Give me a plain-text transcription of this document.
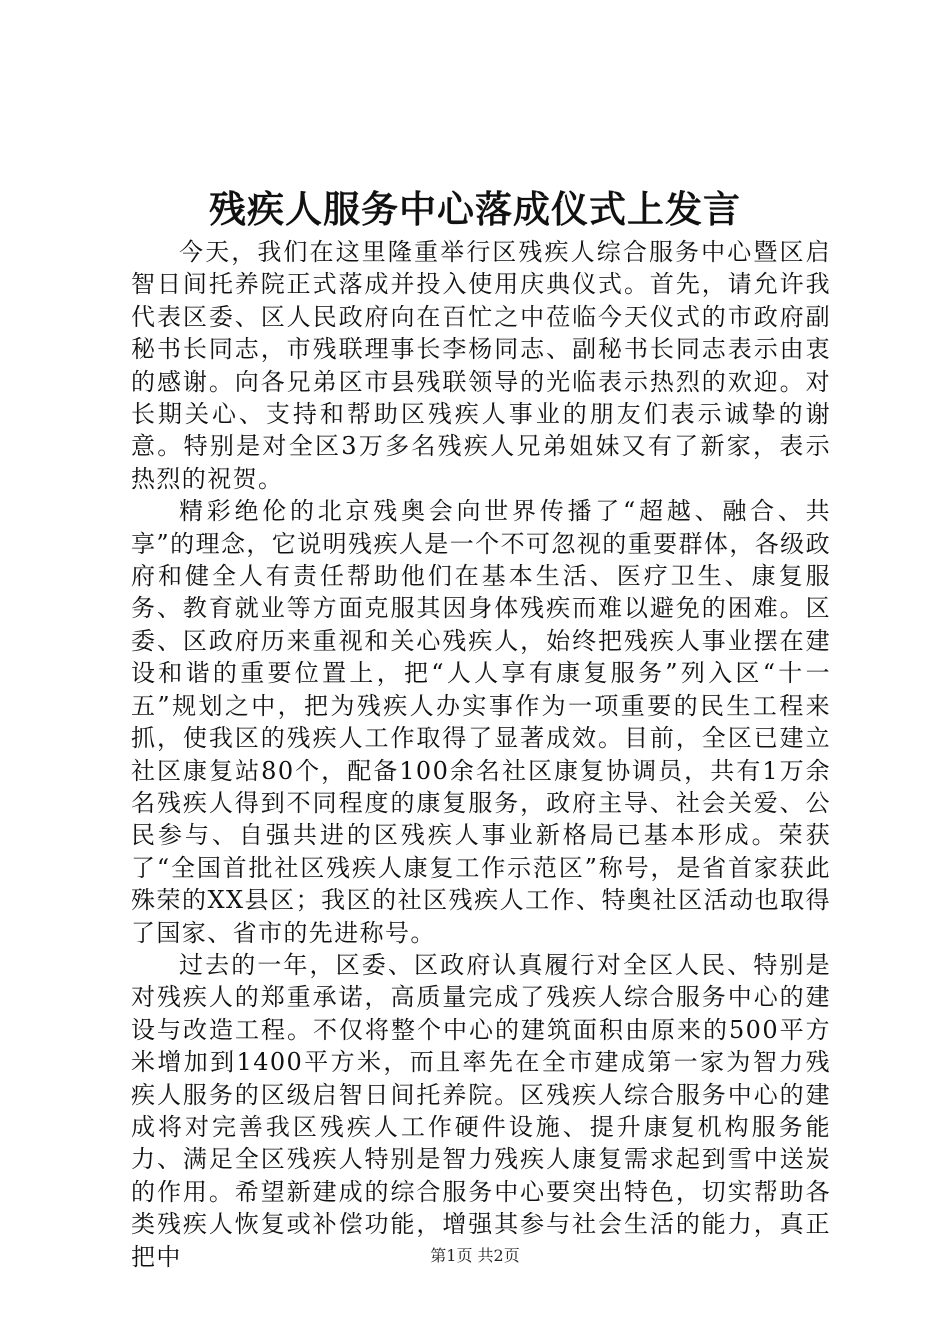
残疾人服务中心落成仪式上发言

今天，我们在这里隆重举行区残疾人综合服务中心暨区启智日间托养院正式落成并投入使用庆典仪式。首先，请允许我代表区委、区人民政府向在百忙之中莅临今天仪式的市政府副秘书长同志，市残联理事长李杨同志、副秘书长同志表示由衷的感谢。向各兄弟区市县残联领导的光临表示热烈的欢迎。对长期关心、支持和帮助区残疾人事业的朋友们表示诚挚的谢意。特别是对全区3万多名残疾人兄弟姐妹又有了新家，表示热烈的祝贺。

精彩绝伦的北京残奥会向世界传播了“超越、融合、共享”的理念，它说明残疾人是一个不可忽视的重要群体，各级政府和健全人有责任帮助他们在基本生活、医疗卫生、康复服务、教育就业等方面克服其因身体残疾而难以避免的困难。区委、区政府历来重视和关心残疾人，始终把残疾人事业摆在建设和谐的重要位置上，把“人人享有康复服务”列入区“十一五”规划之中，把为残疾人办实事作为一项重要的民生工程来抓，使我区的残疾人工作取得了显著成效。目前，全区已建立社区康复站80个，配备100余名社区康复协调员，共有1万余名残疾人得到不同程度的康复服务，政府主导、社会关爱、公民参与、自强共进的区残疾人事业新格局已基本形成。荣获了“全国首批社区残疾人康复工作示范区”称号，是省首家获此殊荣的XX县区；我区的社区残疾人工作、特奥社区活动也取得了国家、省市的先进称号。

过去的一年，区委、区政府认真履行对全区人民、特别是对残疾人的郑重承诺，高质量完成了残疾人综合服务中心的建设与改造工程。不仅将整个中心的建筑面积由原来的500平方米增加到1400平方米，而且率先在全市建成第一家为智力残疾人服务的区级启智日间托养院。区残疾人综合服务中心的建成将对完善我区残疾人工作硬件设施、提升康复机构服务能力、满足全区残疾人特别是智力残疾人康复需求起到雪中送炭的作用。希望新建成的综合服务中心要突出特色，切实帮助各类残疾人恢复或补偿功能，增强其参与社会生活的能力，真正把中	第1页 共2页
